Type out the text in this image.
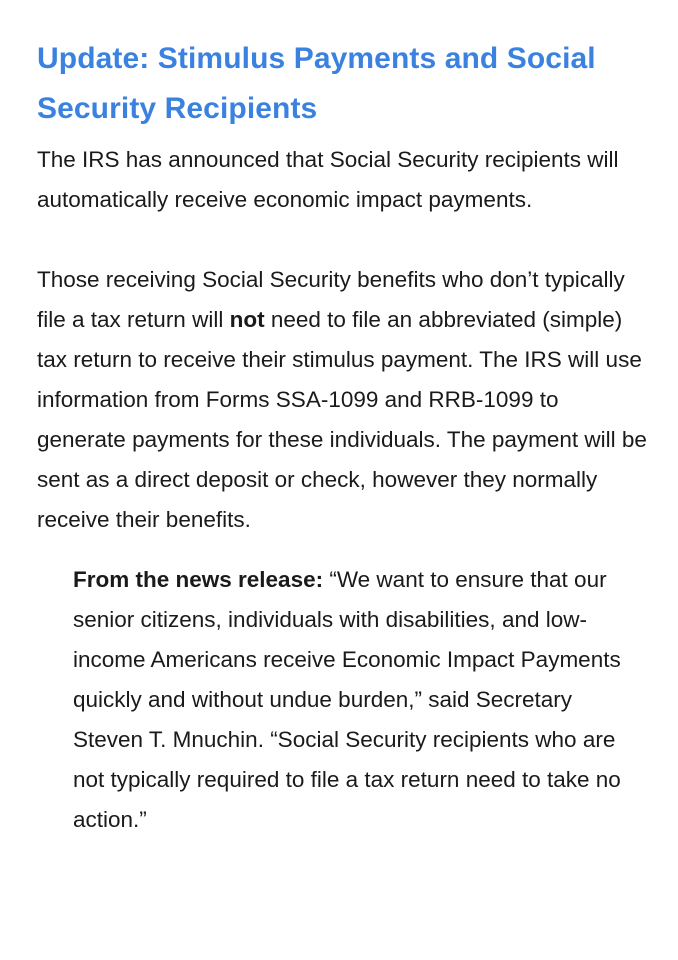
Update: Stimulus Payments and Social Security Recipients

The IRS has announced that Social Security recipients will automatically receive economic impact payments.

Those receiving Social Security benefits who don’t typically file a tax return will not need to file an abbreviated (simple) tax return to receive their stimulus payment. The IRS will use information from Forms SSA-1099 and RRB-1099 to generate payments for these individuals. The payment will be sent as a direct deposit or check, however they normally receive their benefits.

From the news release: “We want to ensure that our senior citizens, individuals with disabilities, and low-income Americans receive Economic Impact Payments quickly and without undue burden,” said Secretary Steven T. Mnuchin. “Social Security recipients who are not typically required to file a tax return need to take no action.”
